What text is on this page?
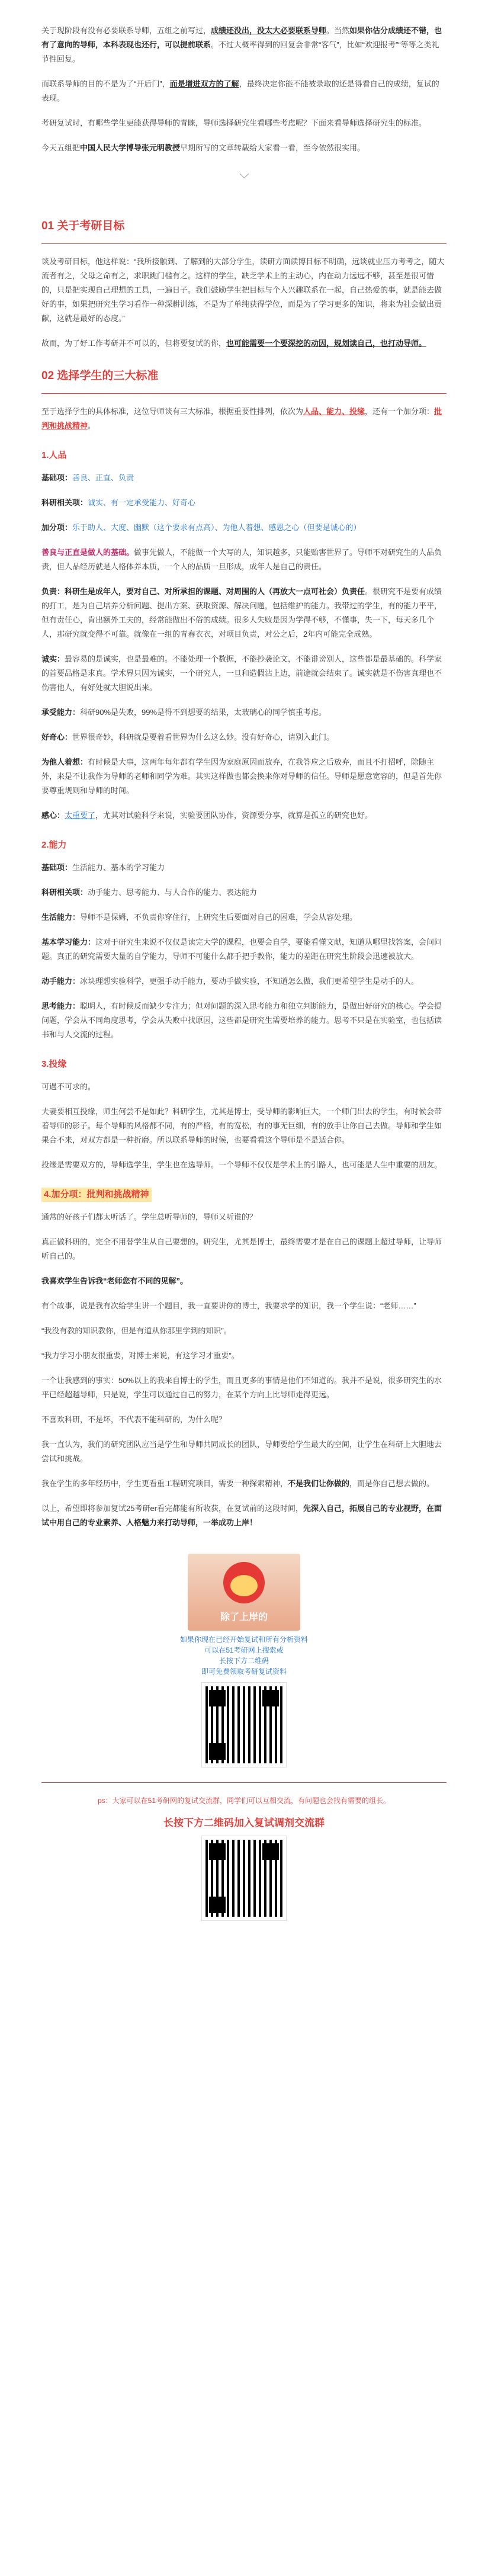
关于现阶段有没有必要联系导师，五组之前写过，成绩还没出，没太大必要联系导师。当然如果你估分成绩还不错，也有了意向的导师，本科表现也还行，可以提前联系。不过大概率得到的回复会非常“客气”，比如“欢迎报考”“等等之类礼节性回复。

而联系导师的目的不是为了“开后门”，而是增进双方的了解，最终决定你能不能被录取的还是得看自己的成绩，复试的表现。

考研复试时，有哪些学生更能获得导师的青睐，导师选择研究生看哪些考虑呢？下面来看导师选择研究生的标准。

今天五组把中国人民大学博导张元明教授早期所写的文章转载给大家看一看，至今依然很实用。

01 关于考研目标

谈及考研目标，他这样说：“我所接触到、了解到的大部分学生，读研方面读博目标不明确，远谈就业压力考考之，随大流者有之，父母之命有之，求职跳门槛有之。这样的学生，缺乏学术上的主动心，内在动力远远不够，甚至是很可惜的，只是把实现自己理想的工具，一遍日子。我们鼓励学生把目标与个人兴趣联系在一起，自己热爱的事，就是能去做好的事，如果把研究生学习看作一种深耕训练，不是为了单纯获得学位，而是为了学习更多的知识，将来为社会做出贡献，这就是最好的态度。”

故而，为了好工作考研并不可以的，但将要复试的你，也可能需要一个要深挖的动因，规划读自己，也打动导师。

02 选择学生的三大标准

至于选择学生的具体标准，这位导师谈有三大标准，根据重要性排列，依次为人品、能力、投缘，还有一个加分项：批判和挑战精神。

1.人品

基础项：善良、正直、负责

科研相关项：诚实、有一定承受能力、好奇心

加分项：乐于助人、大度、幽默（这个要求有点高）、为他人着想、感恩之心（但要是诚心的）

善良与正直是做人的基础。做事先做人，不能做一个大写的人，知识越多，只能贻害世界了。导师不对研究生的人品负责，但人品经历就是人格体养本质，一个人的品质一旦形成，成年人是自己的责任。

负责：科研生是成年人，要对自己、对所承担的课题、对周围的人（再放大一点可社会）负责任。很研究不是要有成绩的打工，是为自己培养分析问题、提出方案、获取资源、解决问题，包括维护的能力。我带过的学生，有的能力平平，但有责任心，肯出额外工夫的，经常能做出不俗的成绩。很多人失败是因为学得不够，不懂事，失一下，每天多几个人，那研究就变得不可靠。就像在一组的青春衣衣，对项目负责，对公之后，2年内可能完全成熟。

诚实：最容易的是诚实，也是最难的。不能处理一个数据，不能抄袭论文，不能诽谤别人，这些都是最基础的。科学家的首要品格是求真。学术界只因为诚实，一个研究人，一旦和造假沾上边，前途就会结束了。诚实就是不伤害真理也不伤害他人，有好处就大胆说出来。

承受能力：科研90%是失败，99%是得不到想要的结果，太玻璃心的同学慎重考虑。

好奇心：世界很奇妙，科研就是要着看世界为什么这么妙。没有好奇心，请别入此门。

为他人着想：有时候是大事，这两年每年都有学生因为家庭原因而放弃，在我答应之后放弃，而且不打招呼，除随主外，来是不让我作为导师的老师和同学为难。其实这样做也都会换来你对导师的信任。导师是愿意宽容的，但是首先你要尊重规则和导师的时间。

感心：太重要了，尤其对试验科学来说，实验要团队协作，资源要分享，就算是孤立的研究也好。

2.能力

基础项：生活能力、基本的学习能力

科研相关项：动手能力、思考能力、与人合作的能力、表达能力

生活能力：导师不是保姆，不负责你穿住行，上研究生后要面对自己的困难，学会从容处理。

基本学习能力：这对于研究生来说不仅仅是读完大学的课程，也要会自学，要能看懂文献，知道从哪里找答案，会问问题。真正的研究需要大量的自学能力，导师不可能什么都手把手教你，能力的差距在研究生阶段会迅速被放大。

动手能力：冰块理想实验科学，更强手动手能力，要动手做实验，不知道怎么做，我们更希望学生是动手的人。

思考能力：聪明人，有时候反而缺少专注力；但对问题的深入思考能力和独立判断能力，是做出好研究的核心。学会提问题，学会从不同角度思考，学会从失败中找原因，这些都是研究生需要培养的能力。思考不只是在实验室，也包括读书和与人交流的过程。

3.投缘

可遇不可求的。

夫妻要相互投缘，师生何尝不是如此？科研学生，尤其是博士，受导师的影响巨大，一个师门出去的学生，有时候会带着导师的影子。每个导师的风格都不同，有的严格，有的宽松，有的事无巨细，有的放手让你自己去做。导师和学生如果合不来，对双方都是一种折磨。所以联系导师的时候，也要看看这个导师是不是适合你。

投缘是需要双方的，导师选学生，学生也在选导师。一个导师不仅仅是学术上的引路人，也可能是人生中重要的朋友。

4.加分项：批判和挑战精神

通常的好孩子们都太听话了。学生总听导师的，导师又听谁的？

真正做科研的，完全不用替学生从自己要想的。研究生，尤其是博士，最终需要才是在自己的课题上超过导师，让导师听自己的。

我喜欢学生告诉我“老师您有不同的见解”。

有个故事，说是我有次给学生讲一个题目，我一直要讲你的博士，我要求学的知识，我一个学生说：“老师……”

“我没有教的知识教你，但是有道从你那里学到的知识”。

“我力学习小朋友很重要，对博士来说，有这学习才重要”。

一个让我感到的事实：50%以上的我来自博士的学生，而且更多的事情是他们不知道的。我并不是说，很多研究生的水平已经超越导师，只是说，学生可以通过自己的努力，在某个方向上比导师走得更远。

不喜欢科研，不是坏，不代表不能科研的，为什么呢？

我一直认为，我们的研究团队应当是学生和导师共同成长的团队，导师要给学生最大的空间，让学生在科研上大胆地去尝试和挑战。

我在学生的多年经历中，学生更看重工程研究项目，需要一种探索精神，不是我们让你做的，而是你自己想去做的。

以上，希望即将参加复试25考研er看完都能有所收获，在复试前的这段时间，先深入自己，拓展自己的专业视野，在面试中用自己的专业素养、人格魅力来打动导师，一举成功上岸！

除了上岸的
如果你现在已经开始复试和所有分析资料
可以在51考研网上搜索或
长按下方二维码
即可免费领取考研复试资料
ps：大家可以在51考研网的复试交流群，同学们可以互相交流，有问题也会找有需要的组长。
长按下方二维码加入复试调剂交流群
